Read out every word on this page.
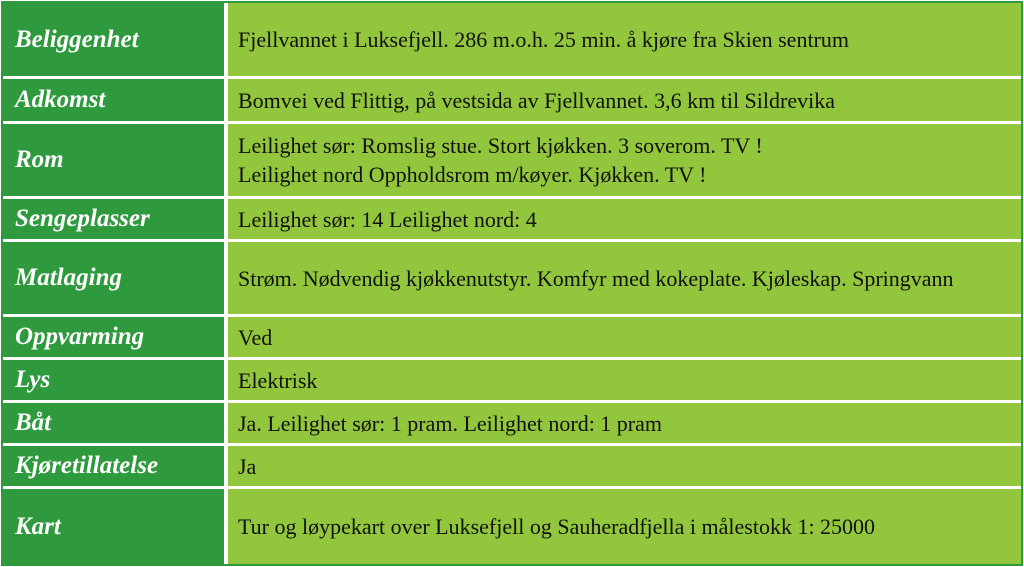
Beliggenhet	Fjellvannet i Luksefjell. 286 m.o.h. 25 min. å kjøre fra Skien sentrum
Adkomst	Bomvei ved Flittig, på vestsida av Fjellvannet. 3,6 km til Sildrevika
Rom	Leilighet sør: Romslig stue. Stort kjøkken. 3 soverom. TV !
Leilighet nord Oppholdsrom m/køyer. Kjøkken. TV !

Sengeplasser	Leilighet sør: 14 Leilighet nord: 4
Matlaging	Strøm. Nødvendig kjøkkenutstyr. Komfyr med kokeplate. Kjøleskap. Springvann
Oppvarming	Ved
Lys	Elektrisk
Båt	Ja. Leilighet sør: 1 pram. Leilighet nord: 1 pram
Kjøretillatelse	Ja
Kart	Tur og løypekart over Luksefjell og Sauheradfjella i målestokk 1: 25000
